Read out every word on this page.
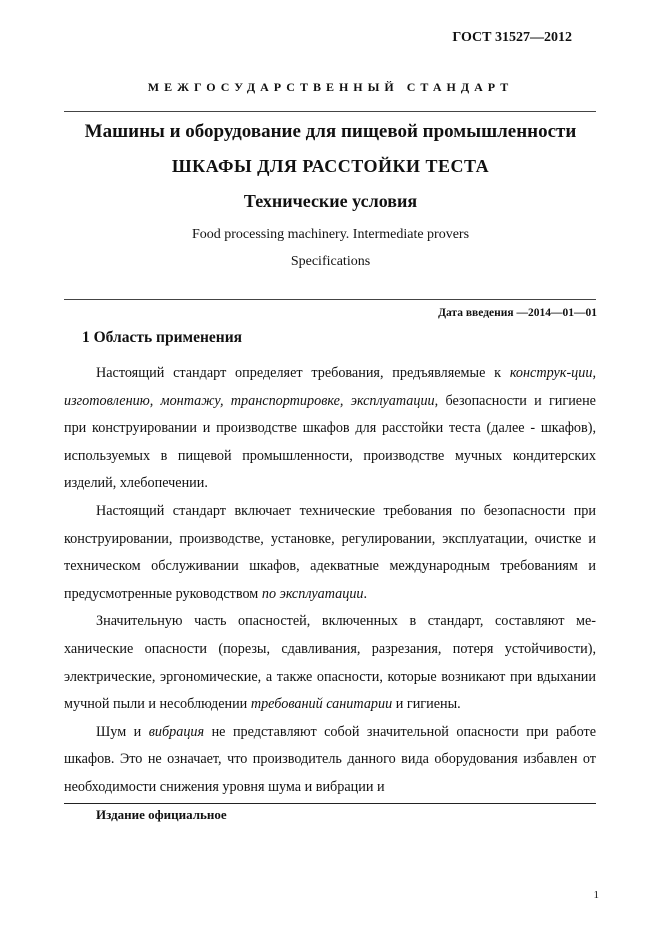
ГОСТ 31527—2012
МЕЖГОСУДАРСТВЕННЫЙ СТАНДАРТ
Машины и оборудование для пищевой промышленности
ШКАФЫ ДЛЯ РАССТОЙКИ ТЕСТА
Технические условия
Food processing machinery. Intermediate provers
Specifications
Дата введения —2014—01—01
1 Область применения

Настоящий стандарт определяет требования, предъявляемые к конструк-ции, изготовлению, монтажу, транспортировке, эксплуатации, безопасности и гигиене при конструировании и производстве шкафов для расстойки теста (далее - шкафов), используемых в пищевой промышленности, производстве мучных кондитерских изделий, хлебопечении.

Настоящий стандарт включает технические требования по безопасности при конструировании, производстве, установке, регулировании, эксплуатации, очистке и техническом обслуживании шкафов, адекватные международным требованиям и предусмотренные руководством по эксплуатации.

Значительную часть опасностей, включенных в стандарт, составляют ме-ханические опасности (порезы, сдавливания, разрезания, потеря устойчивости), электрические, эргономические, а также опасности, которые возникают при вдыхании мучной пыли и несоблюдении требований санитарии и гигиены.

Шум и вибрация не представляют собой значительной опасности при работе шкафов. Это не означает, что производитель данного вида оборудования избавлен от необходимости снижения уровня шума и вибрации и

Издание официальное
1
